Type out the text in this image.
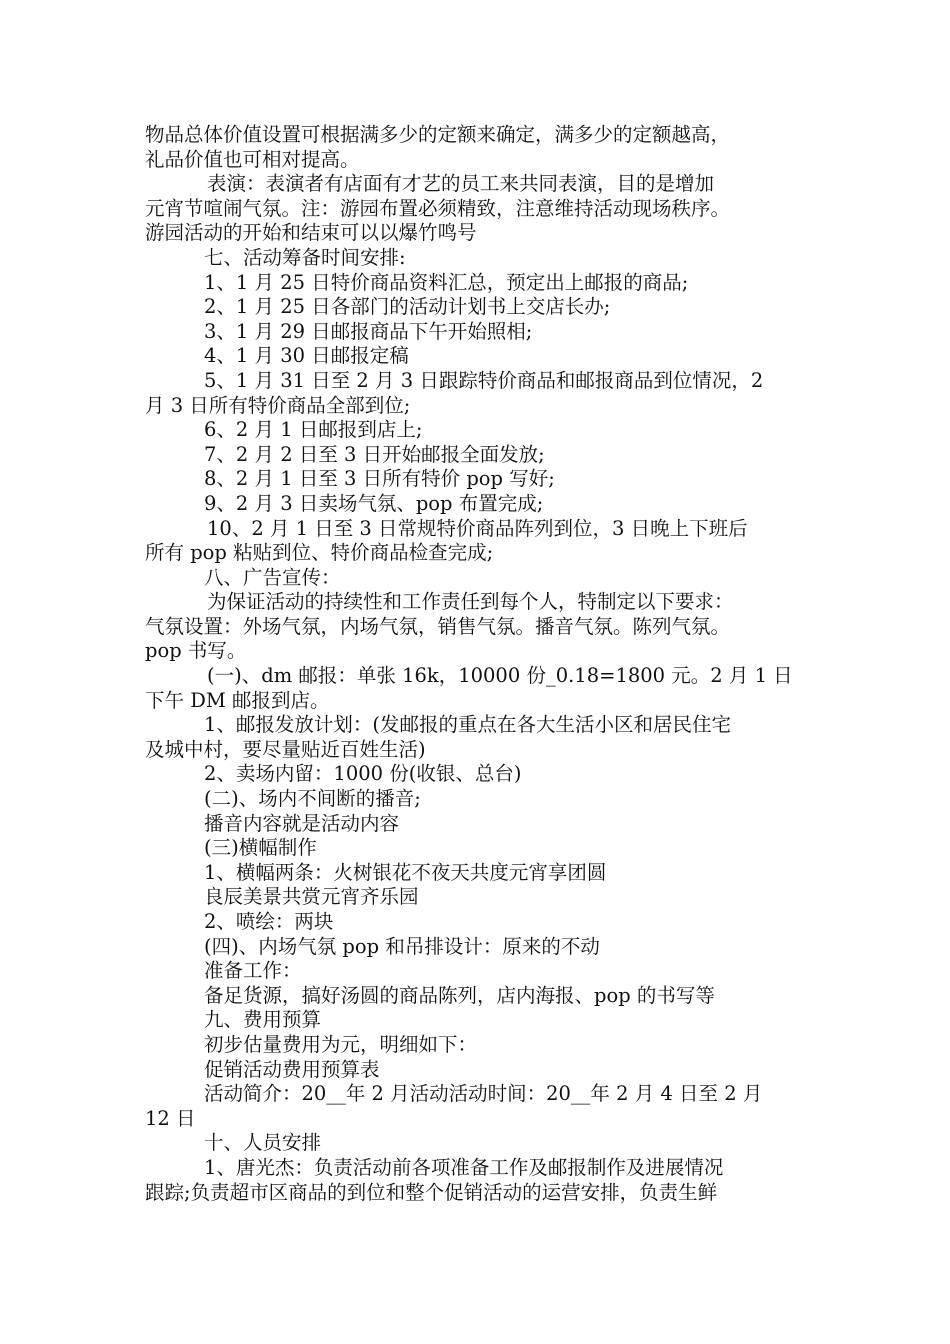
物品总体价值设置可根据满多少的定额来确定，满多少的定额越高，
礼品价值也可相对提高。
表演：表演者有店面有才艺的员工来共同表演，目的是增加
元宵节喧闹气氛。注：游园布置必须精致，注意维持活动现场秩序。
游园活动的开始和结束可以以爆竹鸣号
七、活动筹备时间安排:
1、1 月 25 日特价商品资料汇总，预定出上邮报的商品;
2、1 月 25 日各部门的活动计划书上交店长办;
3、1 月 29 日邮报商品下午开始照相;
4、1 月 30 日邮报定稿
5、1 月 31 日至 2 月 3 日跟踪特价商品和邮报商品到位情况，2
月 3 日所有特价商品全部到位;
6、2 月 1 日邮报到店上;
7、2 月 2 日至 3 日开始邮报全面发放;
8、2 月 1 日至 3 日所有特价 pop 写好;
9、2 月 3 日卖场气氛、pop 布置完成;
10、2 月 1 日至 3 日常规特价商品阵列到位，3 日晚上下班后
所有 pop 粘贴到位、特价商品检查完成;
八、广告宣传：
为保证活动的持续性和工作责任到每个人，特制定以下要求：
气氛设置：外场气氛，内场气氛，销售气氛。播音气氛。陈列气氛。
pop 书写。
(一)、dm 邮报：单张 16k，10000 份_0.18=1800 元。2 月 1 日
下午 DM 邮报到店。
1、邮报发放计划：(发邮报的重点在各大生活小区和居民住宅
及城中村，要尽量贴近百姓生活)
2、卖场内留：1000 份(收银、总台)
(二)、场内不间断的播音;
播音内容就是活动内容
(三)横幅制作
1、横幅两条：火树银花不夜天共度元宵享团圆
良辰美景共赏元宵齐乐园
2、喷绘：两块
(四)、内场气氛 pop 和吊排设计：原来的不动
准备工作：
备足货源，搞好汤圆的商品陈列，店内海报、pop 的书写等
九、费用预算
初步估量费用为元，明细如下：
促销活动费用预算表
活动简介：20__年 2 月活动活动时间：20__年 2 月 4 日至 2 月
12 日
十、人员安排
1、唐光杰：负责活动前各项准备工作及邮报制作及进展情况
跟踪;负责超市区商品的到位和整个促销活动的运营安排，负责生鲜
